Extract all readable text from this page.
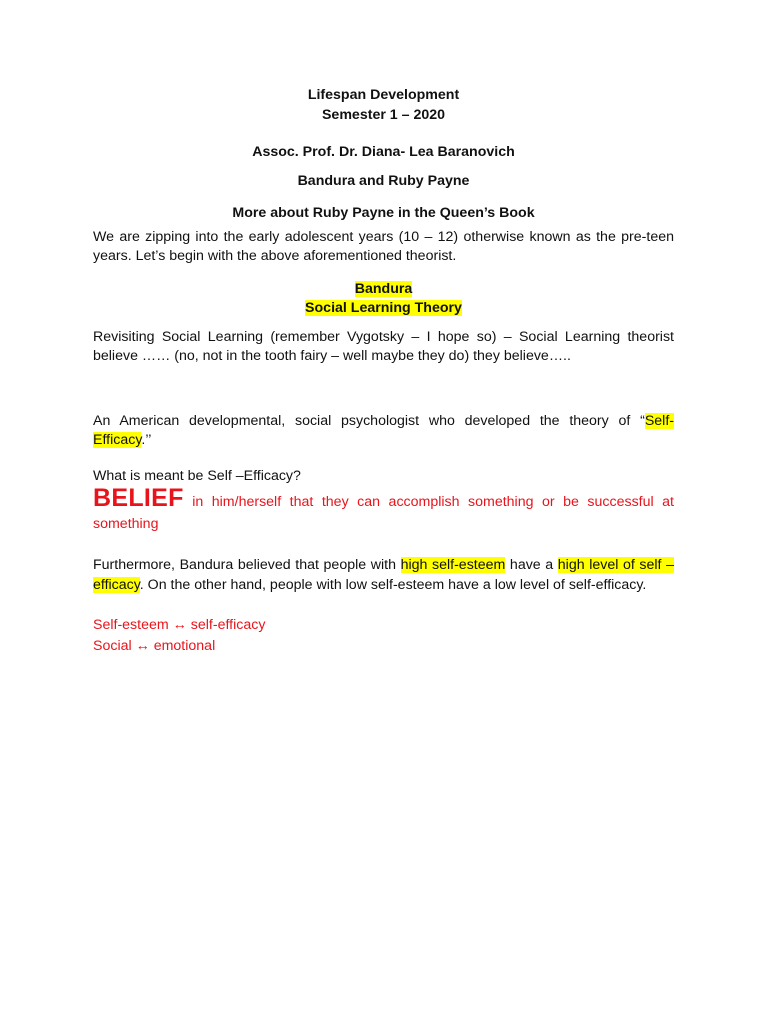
Lifespan Development

Semester 1 – 2020

Assoc. Prof. Dr. Diana- Lea Baranovich

Bandura and Ruby Payne

More about Ruby Payne in the Queen’s Book

We are zipping into the early adolescent years (10 – 12) otherwise known as the pre-teen years. Let’s begin with the above aforementioned theorist.

Bandura

Social Learning Theory

Revisiting Social Learning (remember Vygotsky – I hope so) – Social Learning theorist believe …… (no, not in the tooth fairy – well maybe they do) they believe…..

An American developmental, social psychologist who developed the theory of “Self-Efficacy.’’

What is meant be Self –Efficacy?

BELIEF in him/herself that they can accomplish something or be successful at something

Furthermore, Bandura believed that people with high self-esteem have a high level of self – efficacy. On the other hand, people with low self-esteem have a low level of self-efficacy.

Self-esteem ↔ self-efficacy

Social ↔ emotional
